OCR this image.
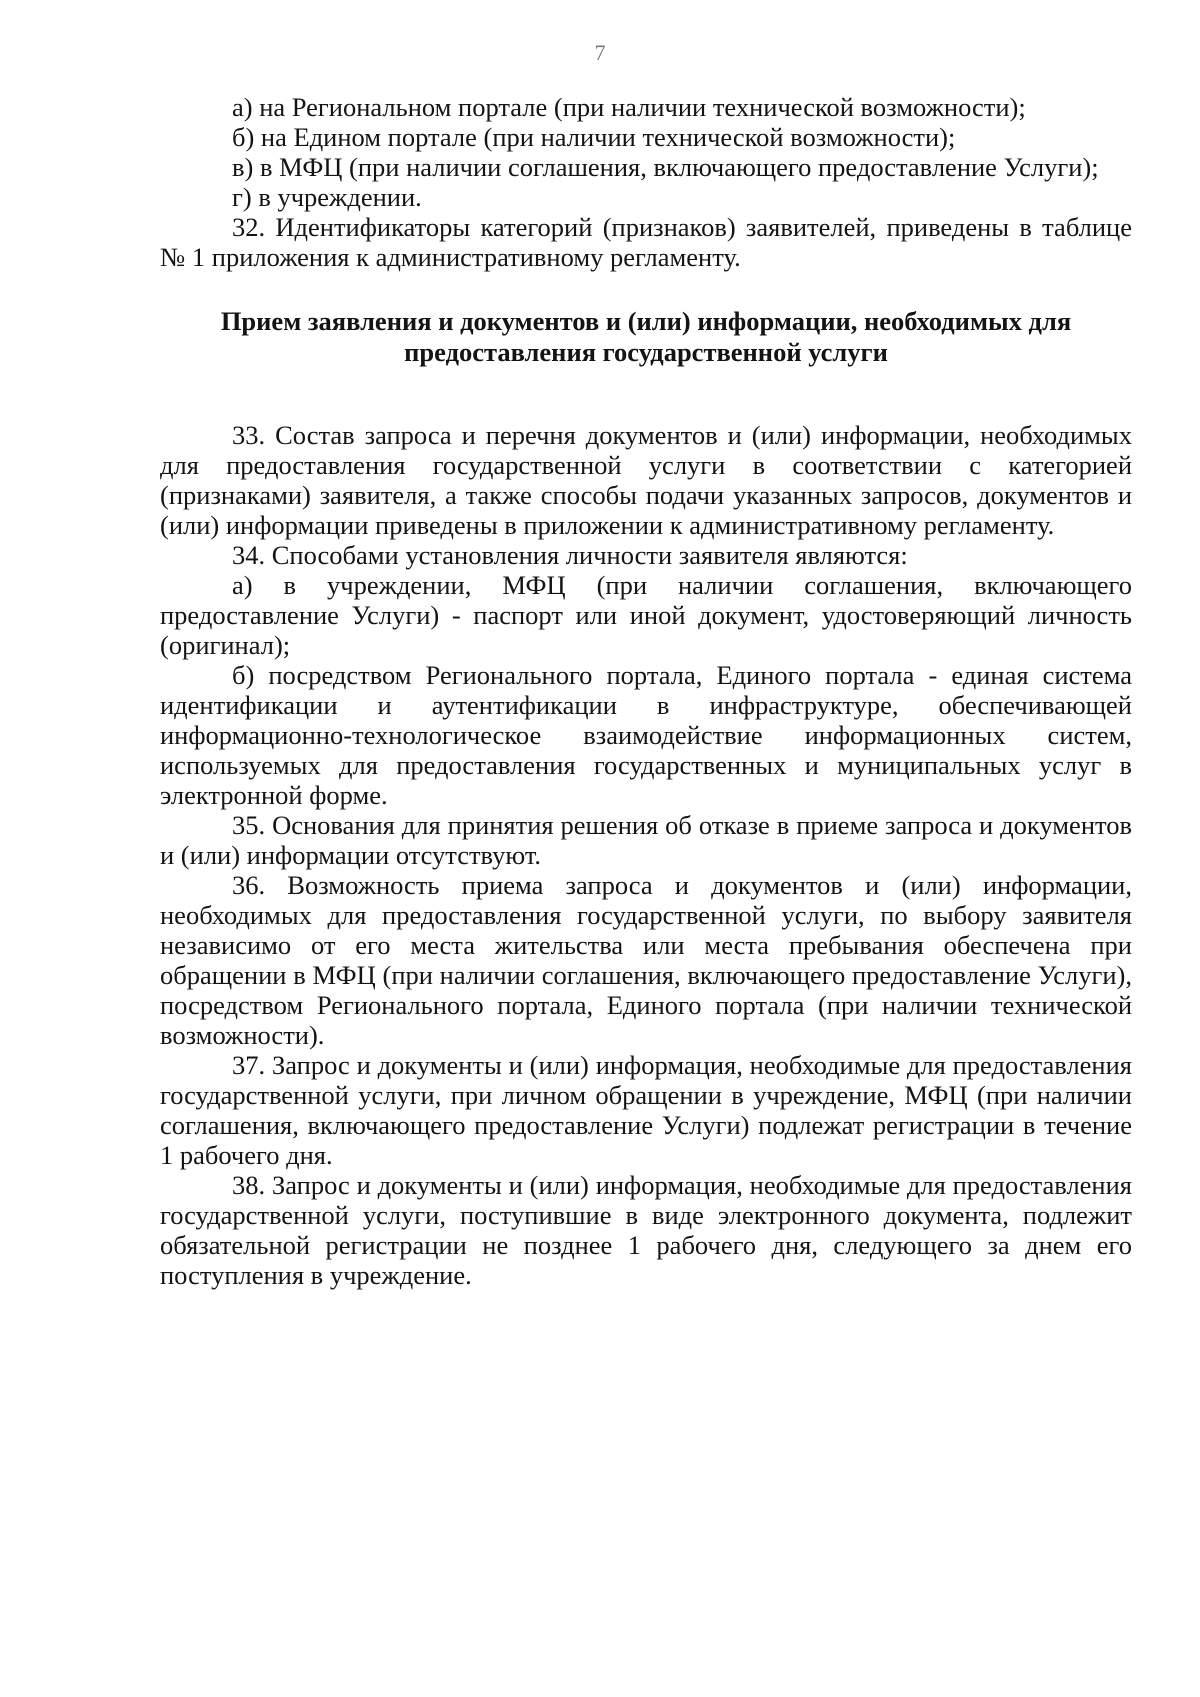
7

а) на Региональном портале (при наличии технической возможности);

б) на Едином портале (при наличии технической возможности);

в) в МФЦ (при наличии соглашения, включающего предоставление Услуги);

г) в учреждении.

32. Идентификаторы категорий (признаков) заявителей, приведены в таблице № 1 приложения к административному регламенту.

Прием заявления и документов и (или) информации, необходимых для
предоставления государственной услуги

33. Состав запроса и перечня документов и (или) информации, необходимых для предоставления государственной услуги в соответствии с категорией (признаками) заявителя, а также способы подачи указанных запросов, документов и (или) информации приведены в приложении к административному регламенту.

34. Способами установления личности заявителя являются:

а) в учреждении, МФЦ (при наличии соглашения, включающего предоставление Услуги) - паспорт или иной документ, удостоверяющий личность (оригинал);

б) посредством Регионального портала, Единого портала - единая система идентификации и аутентификации в инфраструктуре, обеспечивающей информационно-технологическое взаимодействие информационных систем, используемых для предоставления государственных и муниципальных услуг в электронной форме.

35. Основания для принятия решения об отказе в приеме запроса и документов и (или) информации отсутствуют.

36. Возможность приема запроса и документов и (или) информации, необходимых для предоставления государственной услуги, по выбору заявителя независимо от его места жительства или места пребывания обеспечена при обращении в МФЦ (при наличии соглашения, включающего предоставление Услуги), посредством Регионального портала, Единого портала (при наличии технической возможности).

37. Запрос и документы и (или) информация, необходимые для предоставления государственной услуги, при личном обращении в учреждение, МФЦ (при наличии соглашения, включающего предоставление Услуги) подлежат регистрации в течение 1 рабочего дня.

38. Запрос и документы и (или) информация, необходимые для предоставления государственной услуги, поступившие в виде электронного документа, подлежит обязательной регистрации не позднее 1 рабочего дня, следующего за днем его поступления в учреждение.
